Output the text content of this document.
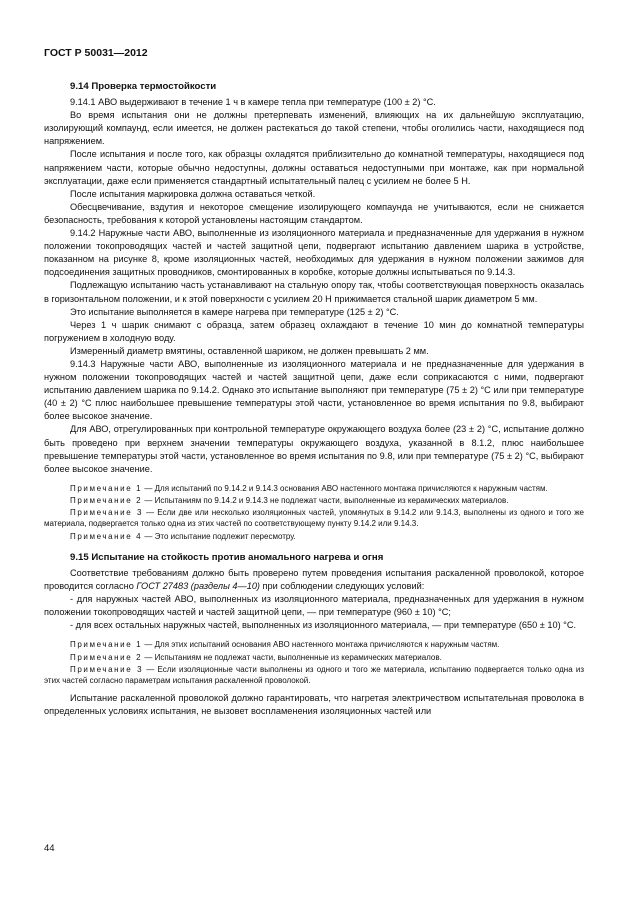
ГОСТ Р 50031—2012
9.14 Проверка термостойкости

9.14.1 АВО выдерживают в течение 1 ч в камере тепла при температуре (100 ± 2) °С.

Во время испытания они не должны претерпевать изменений, влияющих на их дальнейшую эксплуатацию, изолирующий компаунд, если имеется, не должен растекаться до такой степени, чтобы оголились части, находящиеся под напряжением.

После испытания и после того, как образцы охладятся приблизительно до комнатной температуры, находящиеся под напряжением части, которые обычно недоступны, должны оставаться недоступными при монтаже, как при нормальной эксплуатации, даже если применяется стандартный испытательный палец с усилием не более 5 Н.

После испытания маркировка должна оставаться четкой.

Обесцвечивание, вздутия и некоторое смещение изолирующего компаунда не учитываются, если не снижается безопасность, требования к которой установлены настоящим стандартом.

9.14.2 Наружные части АВО, выполненные из изоляционного материала и предназначенные для удержания в нужном положении токопроводящих частей и частей защитной цепи, подвергают испытанию давлением шарика в устройстве, показанном на рисунке 8, кроме изоляционных частей, необходимых для удержания в нужном положении зажимов для подсоединения защитных проводников, смонтированных в коробке, которые должны испытываться по 9.14.3.

Подлежащую испытанию часть устанавливают на стальную опору так, чтобы соответствующая поверхность оказалась в горизонтальном положении, и к этой поверхности с усилием 20 Н прижимается стальной шарик диаметром 5 мм.

Это испытание выполняется в камере нагрева при температуре (125 ± 2) °С.

Через 1 ч шарик снимают с образца, затем образец охлаждают в течение 10 мин до комнатной температуры погружением в холодную воду.

Измеренный диаметр вмятины, оставленной шариком, не должен превышать 2 мм.

9.14.3 Наружные части АВО, выполненные из изоляционного материала и не предназначенные для удержания в нужном положении токопроводящих частей и частей защитной цепи, даже если соприкасаются с ними, подвергают испытанию давлением шарика по 9.14.2. Однако это испытание выполняют при температуре (75 ± 2) °С или при температуре (40 ± 2) °С плюс наибольшее превышение температуры этой части, установленное во время испытания по 9.8, выбирают более высокое значение.

Для АВО, отрегулированных при контрольной температуре окружающего воздуха более (23 ± 2) °С, испытание должно быть проведено при верхнем значении температуры окружающего воздуха, указанной в 8.1.2, плюс наибольшее превышение температуры этой части, установленное во время испытания по 9.8, или при температуре (75 ± 2) °С, выбирают более высокое значение.

Примечание 1 — Для испытаний по 9.14.2 и 9.14.3 основания АВО настенного монтажа причисляются к наружным частям.

Примечание 2 — Испытаниям по 9.14.2 и 9.14.3 не подлежат части, выполненные из керамических материалов.

Примечание 3 — Если две или несколько изоляционных частей, упомянутых в 9.14.2 или 9.14.3, выполнены из одного и того же материала, подвергается только одна из этих частей по соответствующему пункту 9.14.2 или 9.14.3.

Примечание 4 — Это испытание подлежит пересмотру.

9.15 Испытание на стойкость против аномального нагрева и огня

Соответствие требованиям должно быть проверено путем проведения испытания раскаленной проволокой, которое проводится согласно ГОСТ 27483 (разделы 4—10) при соблюдении следующих условий:

- для наружных частей АВО, выполненных из изоляционного материала, предназначенных для удержания в нужном положении токопроводящих частей и частей защитной цепи, — при температуре (960 ± 10) °С;

- для всех остальных наружных частей, выполненных из изоляционного материала, — при температуре (650 ± 10) °С.

Примечание 1 — Для этих испытаний основания АВО настенного монтажа причисляются к наружным частям.

Примечание 2 — Испытаниям не подлежат части, выполненные из керамических материалов.

Примечание 3 — Если изоляционные части выполнены из одного и того же материала, испытанию подвергается только одна из этих частей согласно параметрам испытания раскаленной проволокой.

Испытание раскаленной проволокой должно гарантировать, что нагретая электричеством испытательная проволока в определенных условиях испытания, не вызовет воспламенения изоляционных частей или

44
